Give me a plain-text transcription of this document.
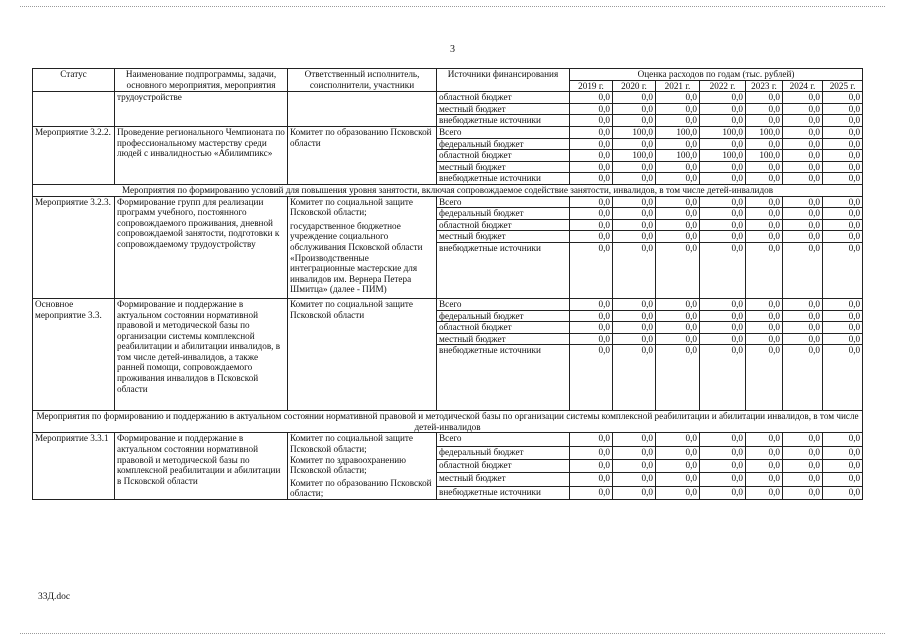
3
Статус	Наименование подпрограммы, задачи, основного мероприятия, мероприятия	Ответственный исполнитель, соисполнители, участники	Источники финансирования	Оценка расходов по годам (тыс. рублей)						
				2019 г.	2020 г.	2021 г.	2022 г.	2023 г.	2024 г.	2025 г.
	трудоустройстве		областной бюджет	0,0	0,0	0,0	0,0	0,0	0,0	0,0
			местный бюджет	0,0	0,0	0,0	0,0	0,0	0,0	0,0
			внебюджетные источники	0,0	0,0	0,0	0,0	0,0	0,0	0,0
Мероприятие 3.2.2.	Проведение регионального Чемпионата по профессиональному мастерству среди людей с инвалидностью «Абилимпикс»	Комитет по образованию Псковской области	Всего	0,0	100,0	100,0	100,0	100,0	0,0	0,0
			федеральный бюджет	0,0	0,0	0,0	0,0	0,0	0,0	0,0
			областной бюджет	0,0	100,0	100,0	100,0	100,0	0,0	0,0
			местный бюджет	0,0	0,0	0,0	0,0	0,0	0,0	0,0
			внебюджетные источники	0,0	0,0	0,0	0,0	0,0	0,0	0,0
Мероприятия по формированию условий для повышения уровня занятости, включая сопровождаемое содействие занятости, инвалидов, в том числе детей-инвалидов										
Мероприятие 3.2.3.	Формирование групп для реализации программ учебного, постоянного сопровождаемого проживания, дневной сопровождаемой занятости, подготовки к сопровождаемому трудоустройству	Комитет по социальной защите Псковской области;
государственное бюджетное учреждение социального обслуживания Псковской области «Производственные интеграционные мастерские для инвалидов им. Вернера Петера Шмитца» (далее - ПИМ)	Всего	0,0	0,0	0,0	0,0	0,0	0,0	0,0
			федеральный бюджет	0,0	0,0	0,0	0,0	0,0	0,0	0,0
			областной бюджет	0,0	0,0	0,0	0,0	0,0	0,0	0,0
			местный бюджет	0,0	0,0	0,0	0,0	0,0	0,0	0,0
			внебюджетные источники	0,0	0,0	0,0	0,0	0,0	0,0	0,0
Основное мероприятие 3.3.	Формирование и поддержание в актуальном состоянии нормативной правовой и методической базы по организации системы комплексной реабилитации и абилитации инвалидов, в том числе детей-инвалидов, а также ранней помощи, сопровождаемого проживания инвалидов в Псковской области	Комитет по социальной защите Псковской области	Всего	0,0	0,0	0,0	0,0	0,0	0,0	0,0
			федеральный бюджет	0,0	0,0	0,0	0,0	0,0	0,0	0,0
			областной бюджет	0,0	0,0	0,0	0,0	0,0	0,0	0,0
			местный бюджет	0,0	0,0	0,0	0,0	0,0	0,0	0,0
			внебюджетные источники	0,0	0,0	0,0	0,0	0,0	0,0	0,0
Мероприятия по формированию и поддержанию в актуальном состоянии нормативной правовой и методической базы по организации системы комплексной реабилитации и абилитации инвалидов, в том числе детей-инвалидов										
Мероприятие 3.3.1	Формирование и поддержание в актуальном состоянии нормативной правовой и методической базы по комплексной реабилитации и абилитации в Псковской области	Комитет по социальной защите Псковской области;
Комитет по здравоохранению Псковской области;
Комитет по образованию Псковской области;	Всего	0,0	0,0	0,0	0,0	0,0	0,0	0,0
			федеральный бюджет	0,0	0,0	0,0	0,0	0,0	0,0	0,0
			областной бюджет	0,0	0,0	0,0	0,0	0,0	0,0	0,0
			местный бюджет	0,0	0,0	0,0	0,0	0,0	0,0	0,0
			внебюджетные источники	0,0	0,0	0,0	0,0	0,0	0,0	0,0
33Д.doc
